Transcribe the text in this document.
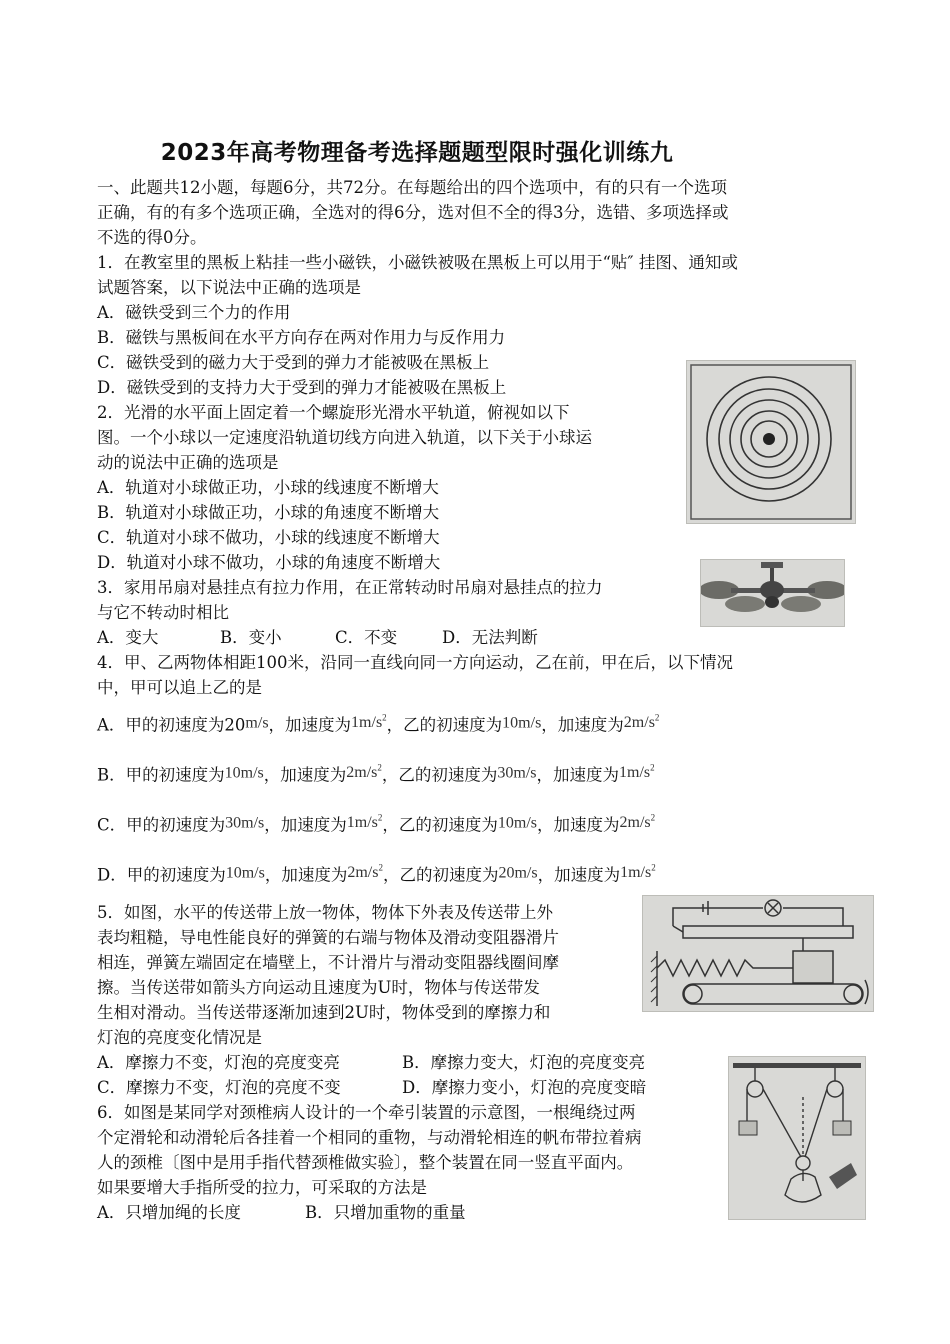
2023年高考物理备考选择题题型限时强化训练九
一、此题共12小题，每题6分，共72分。在每题给出的四个选项中，有的只有一个选项
正确，有的有多个选项正确，全选对的得6分，选对但不全的得3分，选错、多项选择或
不选的得0分。
1．在教室里的黑板上粘挂一些小磁铁，小磁铁被吸在黑板上可以用于“贴″ 挂图、通知或
试题答案，以下说法中正确的选项是
A．磁铁受到三个力的作用
B．磁铁与黑板间在水平方向存在两对作用力与反作用力
C．磁铁受到的磁力大于受到的弹力才能被吸在黑板上
D．磁铁受到的支持力大于受到的弹力才能被吸在黑板上
2．光滑的水平面上固定着一个螺旋形光滑水平轨道，俯视如以下
图。一个小球以一定速度沿轨道切线方向进入轨道，以下关于小球运
动的说法中正确的选项是
A．轨道对小球做正功，小球的线速度不断增大
B．轨道对小球做正功，小球的角速度不断增大
C．轨道对小球不做功，小球的线速度不断增大
D．轨道对小球不做功，小球的角速度不断增大
3．家用吊扇对悬挂点有拉力作用，在正常转动时吊扇对悬挂点的拉力
与它不转动时相比
A．变大	B．变小	C．不变	D．无法判断
4．甲、乙两物体相距100米，沿同一直线向同一方向运动，乙在前，甲在后，以下情况
中，甲可以追上乙的是
A．甲的初速度为20m/s，加速度为$1m/s^2$，乙的初速度为10m/s，加速度为$2m/s^2$
B．甲的初速度为10m/s，加速度为$2m/s^2$，乙的初速度为30m/s，加速度为$1m/s^2$
C．甲的初速度为30m/s，加速度为$1m/s^2$，乙的初速度为10m/s，加速度为$2m/s^2$
D．甲的初速度为10m/s，加速度为$2m/s^2$，乙的初速度为20m/s，加速度为$1m/s^2$
5．如图，水平的传送带上放一物体，物体下外表及传送带上外
表均粗糙，导电性能良好的弹簧的右端与物体及滑动变阻器滑片
相连，弹簧左端固定在墙壁上，不计滑片与滑动变阻器线圈间摩
擦。当传送带如箭头方向运动且速度为U时，物体与传送带发
生相对滑动。当传送带逐渐加速到2U时，物体受到的摩擦力和
灯泡的亮度变化情况是
A．摩擦力不变，灯泡的亮度变亮	B．摩擦力变大，灯泡的亮度变亮
C．摩擦力不变，灯泡的亮度不变	D．摩擦力变小，灯泡的亮度变暗
6．如图是某同学对颈椎病人设计的一个牵引装置的示意图，一根绳绕过两
个定滑轮和动滑轮后各挂着一个相同的重物，与动滑轮相连的帆布带拉着病
人的颈椎〔图中是用手指代替颈椎做实验〕，整个装置在同一竖直平面内。
如果要增大手指所受的拉力，可采取的方法是
A．只增加绳的长度	B．只增加重物的重量
